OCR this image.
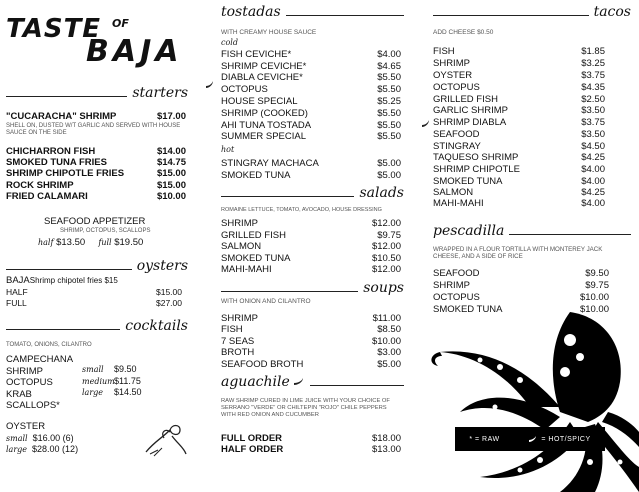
TASTE OF
BAJA
starters
"CUCARACHA" SHRIMP	$17.00
SHELL ON, DUSTED W/T GARLIC AND SERVED WITH HOUSE SAUCE ON THE SIDE
CHICHARRON FISH	$14.00
SMOKED TUNA FRIES	$14.75
SHRIMP CHIPOTLE FRIES	$15.00
ROCK SHRIMP	$15.00
FRIED CALAMARI	$10.00
SEAFOOD APPETIZER
SHRIMP, OCTOPUS, SCALLOPS
half $13.50 full $19.50
oysters
BAJAShrimp chipotel fries $15
HALF	$15.00
FULL	$27.00
cocktails
TOMATO, ONIONS, CILANTRO
CAMPECHANA
SHRIMP
OCTOPUS
KRAB
SCALLOPS*
small $9.50
medium$11.75
large $14.50
OYSTER
small $16.00 (6)
large $28.00 (12)
tostadas
WITH CREAMY HOUSE SAUCE
cold
FISH CEVICHE*	$4.00
SHRIMP CEVICHE*	$4.65
DIABLA CEVICHE*	$5.50
OCTOPUS	$5.50
HOUSE SPECIAL	$5.25
SHRIMP (COOKED)	$5.50
AHI TUNA TOSTADA	$5.50
SUMMER SPECIAL	$5.50
hot
STINGRAY MACHACA	$5.00
SMOKED TUNA	$5.00
salads
ROMAINE LETTUCE, TOMATO, AVOCADO, HOUSE DRESSING
SHRIMP	$12.00
GRILLED FISH	$9.75
SALMON	$12.00
SMOKED TUNA	$10.50
MAHI-MAHI	$12.00
soups
WITH ONION AND CILANTRO
SHRIMP	$11.00
FISH	$8.50
7 SEAS	$10.00
BROTH	$3.00
SEAFOOD BROTH	$5.00
aguachile
RAW SHRIMP CURED IN LIME JUICE WITH YOUR CHOICE OF SERRANO "VERDE" OR CHILTEPIN "ROJO" CHILE PEPPERS WITH RED ONION AND CUCUMBER
FULL ORDER	$18.00
HALF ORDER	$13.00
tacos
ADD CHEESE $0.50
FISH	$1.85
SHRIMP	$3.25
OYSTER	$3.75
OCTOPUS	$4.35
GRILLED FISH	$2.50
GARLIC SHRIMP	$3.50
SHRIMP DIABLA	$3.75
SEAFOOD	$3.50
STINGRAY	$4.50
TAQUESO SHRIMP	$4.25
SHRIMP CHIPOTLE	$4.00
SMOKED TUNA	$4.00
SALMON	$4.25
MAHI-MAHI	$4.00
pescadilla
WRAPPED IN A FLOUR TORTILLA WITH MONTEREY JACK CHEESE, AND A SIDE OF RICE
SEAFOOD	$9.50
SHRIMP	$9.75
OCTOPUS	$10.00
SMOKED TUNA	$10.00
* = RAW	= HOT/SPICY
